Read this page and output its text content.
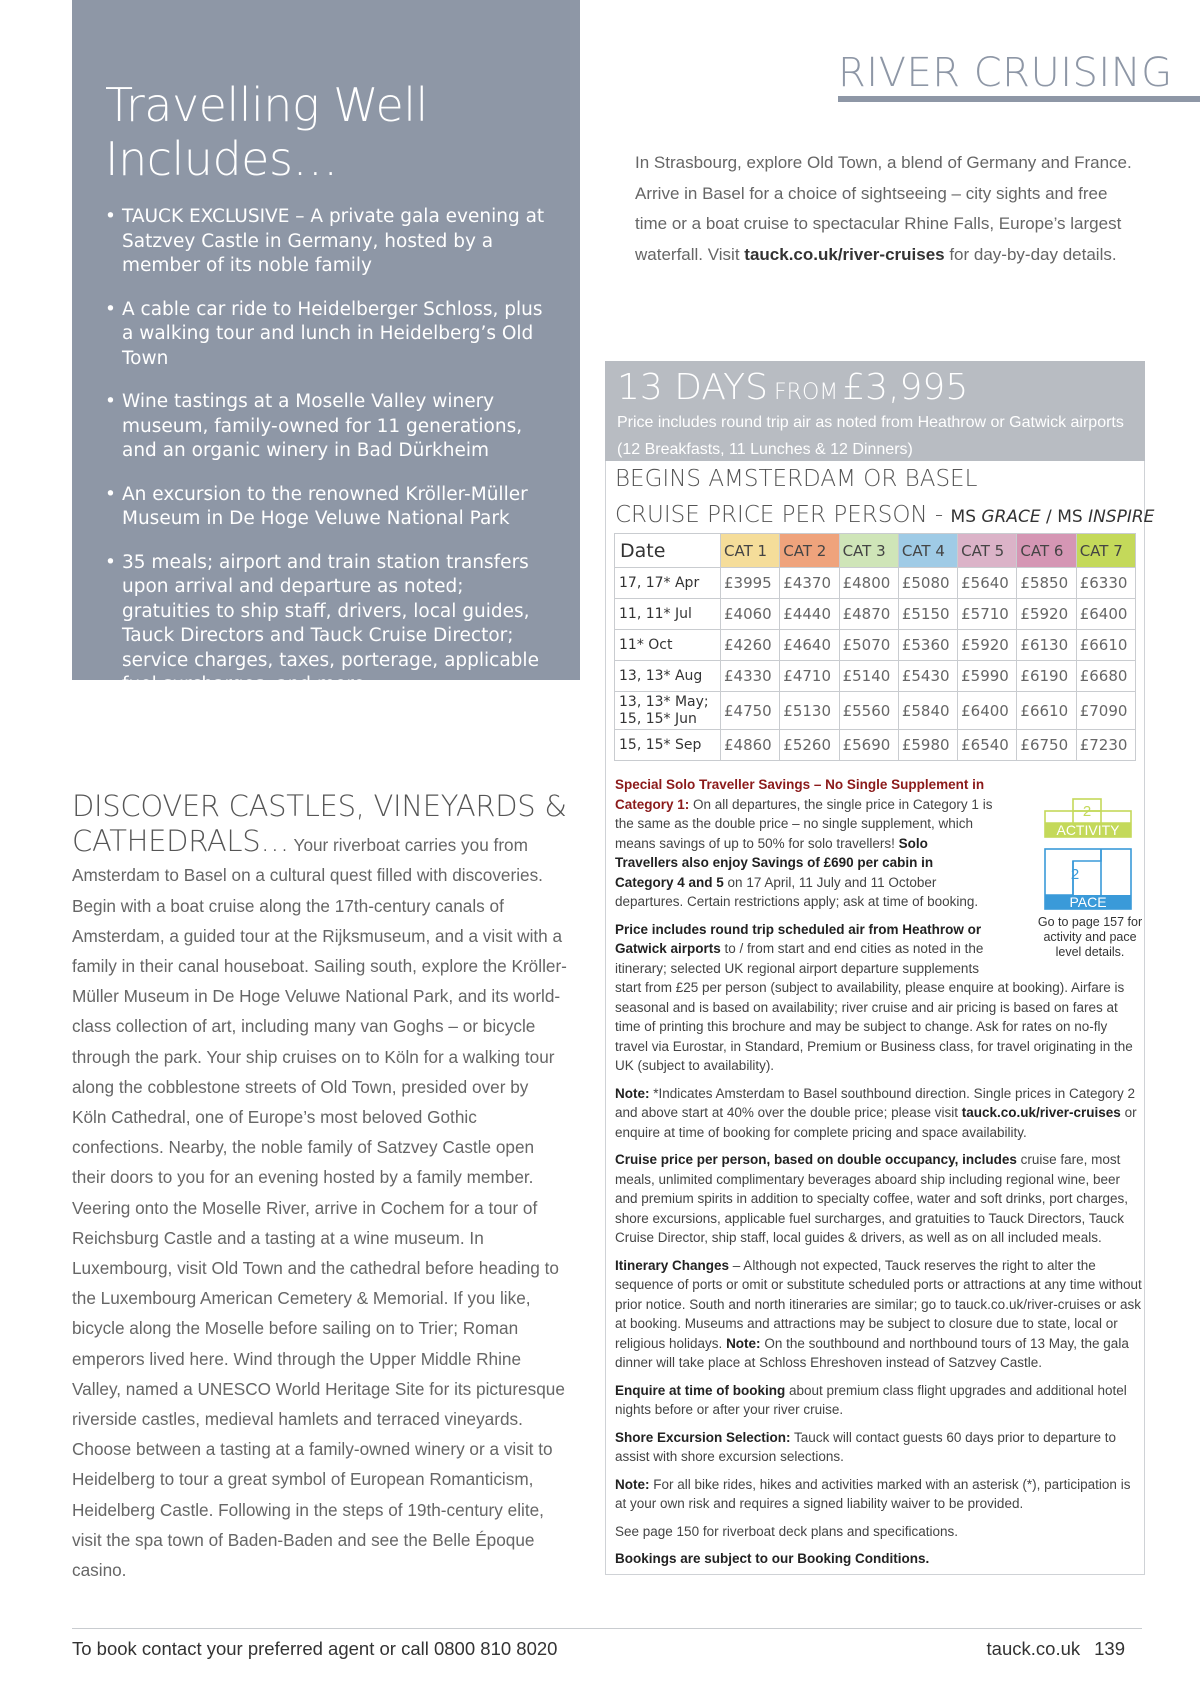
Travelling Well
Includes…
• TAUCK EXCLUSIVE – A private gala evening at Satzvey Castle in Germany, hosted by a member of its noble family
• A cable car ride to Heidelberger Schloss, plus a walking tour and lunch in Heidelberg’s Old Town
• Wine tastings at a Moselle Valley winery museum, family-owned for 11 generations, and an organic winery in Bad Dürkheim
• An excursion to the renowned Kröller-Müller Museum in De Hoge Veluwe National Park
• 35 meals; airport and train station transfers upon arrival and departure as noted; gratuities to ship staff, drivers, local guides, Tauck Directors and Tauck Cruise Director; service charges, taxes, porterage, applicable fuel surcharges, and more
RIVER CRUISING

In Strasbourg, explore Old Town, a blend of Germany and France. Arrive in Basel for a choice of sightseeing – city sights and free time or a boat cruise to spectacular Rhine Falls, Europe’s largest waterfall. Visit tauck.co.uk/river-cruises for day-by-day details.

13 DAYS FROM £3,995
Price includes round trip air as noted from Heathrow or Gatwick airports (12 Breakfasts, 11 Lunches & 12 Dinners)
BEGINS AMSTERDAM OR BASEL
CRUISE PRICE PER PERSON - MS GRACE / MS INSPIRE
Date	CAT 1	CAT 2	CAT 3	CAT 4	CAT 5	CAT 6	CAT 7
17, 17* Apr	£3995	£4370	£4800	£5080	£5640	£5850	£6330
11, 11* Jul	£4060	£4440	£4870	£5150	£5710	£5920	£6400
11* Oct	£4260	£4640	£5070	£5360	£5920	£6130	£6610
13, 13* Aug	£4330	£4710	£5140	£5430	£5990	£6190	£6680
13, 13* May;
15, 15* Jun	£4750	£5130	£5560	£5840	£6400	£6610	£7090
15, 15* Sep	£4860	£5260	£5690	£5980	£6540	£6750	£7230
2
ACTIVITY
2
PACE
Go to page 157 for activity and pace level details.

Special Solo Traveller Savings – No Single Supplement in Category 1: On all departures, the single price in Category 1 is the same as the double price – no single supplement, which means savings of up to 50% for solo travellers! Solo Travellers also enjoy Savings of £690 per cabin in Category 4 and 5 on 17 April, 11 July and 11 October departures. Certain restrictions apply; ask at time of booking.

Price includes round trip scheduled air from Heathrow or Gatwick airports to / from start and end cities as noted in the itinerary; selected UK regional airport departure supplements start from £25 per person (subject to availability, please enquire at booking). Airfare is seasonal and is based on availability; river cruise and air pricing is based on fares at time of printing this brochure and may be subject to change. Ask for rates on no-fly travel via Eurostar, in Standard, Premium or Business class, for travel originating in the UK (subject to availability).

Note: *Indicates Amsterdam to Basel southbound direction. Single prices in Category 2 and above start at 40% over the double price; please visit tauck.co.uk/river-cruises or enquire at time of booking for complete pricing and space availability.

Cruise price per person, based on double occupancy, includes cruise fare, most meals, unlimited complimentary beverages aboard ship including regional wine, beer and premium spirits in addition to specialty coffee, water and soft drinks, port charges, shore excursions, applicable fuel surcharges, and gratuities to Tauck Directors, Tauck Cruise Director, ship staff, local guides & drivers, as well as on all included meals.

Itinerary Changes – Although not expected, Tauck reserves the right to alter the sequence of ports or omit or substitute scheduled ports or attractions at any time without prior notice. South and north itineraries are similar; go to tauck.co.uk/river-cruises or ask at booking. Museums and attractions may be subject to closure due to state, local or religious holidays. Note: On the southbound and northbound tours of 13 May, the gala dinner will take place at Schloss Ehreshoven instead of Satzvey Castle.

Enquire at time of booking about premium class flight upgrades and additional hotel nights before or after your river cruise.

Shore Excursion Selection: Tauck will contact guests 60 days prior to departure to assist with shore excursion selections.

Note: For all bike rides, hikes and activities marked with an asterisk (*), participation is at your own risk and requires a signed liability waiver to be provided.

See page 150 for riverboat deck plans and specifications.

Bookings are subject to our Booking Conditions.

DISCOVER CASTLES, VINEYARDS & CATHEDRALS… Your riverboat carries you from Amsterdam to Basel on a cultural quest filled with discoveries. Begin with a boat cruise along the 17th-century canals of Amsterdam, a guided tour at the Rijksmuseum, and a visit with a family in their canal houseboat. Sailing south, explore the Kröller-Müller Museum in De Hoge Veluwe National Park, and its world-class collection of art, including many van Goghs – or bicycle through the park. Your ship cruises on to Köln for a walking tour along the cobblestone streets of Old Town, presided over by Köln Cathedral, one of Europe’s most beloved Gothic confections. Nearby, the noble family of Satzvey Castle open their doors to you for an evening hosted by a family member. Veering onto the Moselle River, arrive in Cochem for a tour of Reichsburg Castle and a tasting at a wine museum. In Luxembourg, visit Old Town and the cathedral before heading to the Luxembourg American Cemetery & Memorial. If you like, bicycle along the Moselle before sailing on to Trier; Roman emperors lived here. Wind through the Upper Middle Rhine Valley, named a UNESCO World Heritage Site for its picturesque riverside castles, medieval hamlets and terraced vineyards. Choose between a tasting at a family-owned winery or a visit to Heidelberg to tour a great symbol of European Romanticism, Heidelberg Castle. Following in the steps of 19th-century elite, visit the spa town of Baden-Baden and see the Belle Époque casino.

To book contact your preferred agent or call 0800 810 8020	tauck.co.uk 139
